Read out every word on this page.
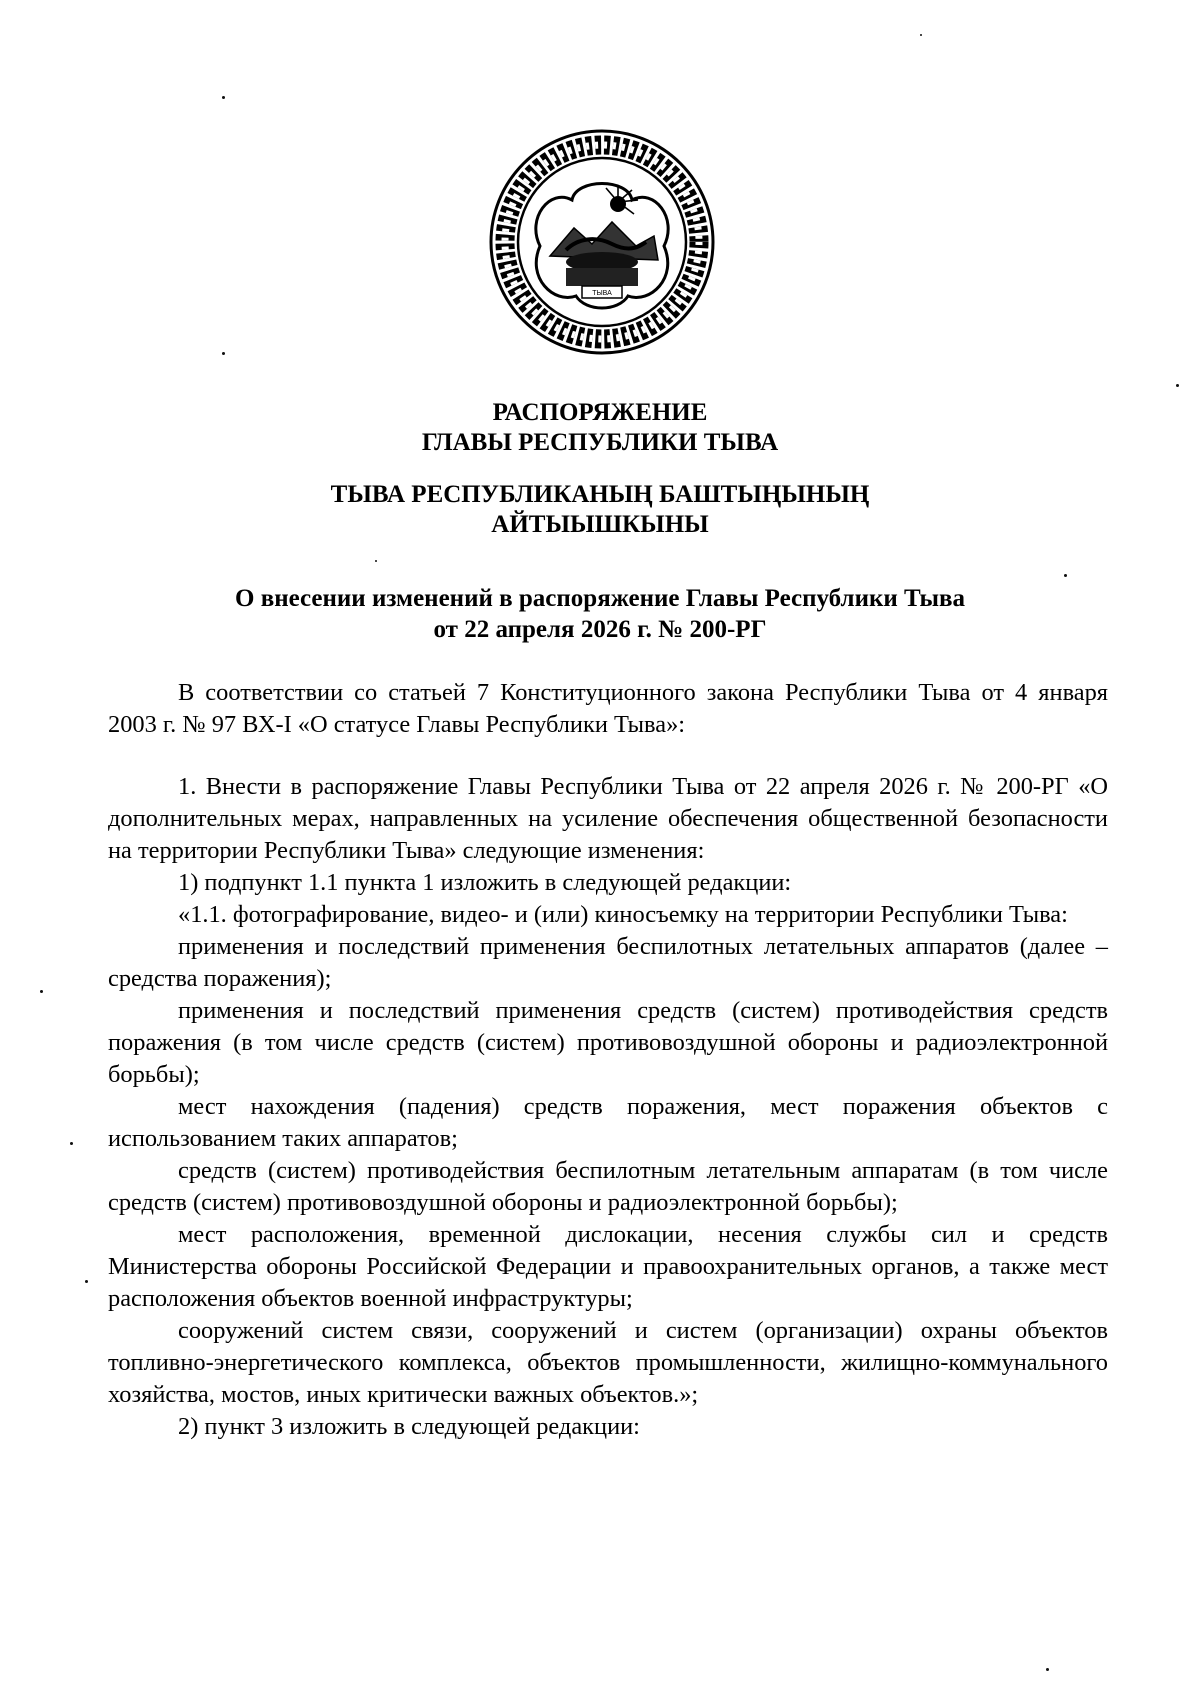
ТЫВА
РАСПОРЯЖЕНИЕ
ГЛАВЫ РЕСПУБЛИКИ ТЫВА
ТЫВА РЕСПУБЛИКАНЫҢ БАШТЫҢЫНЫҢ
АЙТЫЫШКЫНЫ
О внесении изменений в распоряжение Главы Республики Тыва
от 22 апреля 2026 г. № 200-РГ

В соответствии со статьей 7 Конституционного закона Республики Тыва от 4 января 2003 г. № 97 ВХ-I «О статусе Главы Республики Тыва»:

1. Внести в распоряжение Главы Республики Тыва от 22 апреля 2026 г. № 200-РГ «О дополнительных мерах, направленных на усиление обеспечения общественной безопасности на территории Республики Тыва» следующие изменения:

1) подпункт 1.1 пункта 1 изложить в следующей редакции:

«1.1. фотографирование, видео- и (или) киносъемку на территории Республики Тыва:

применения и последствий применения беспилотных летательных аппаратов (далее – средства поражения);

применения и последствий применения средств (систем) противодействия средств поражения (в том числе средств (систем) противовоздушной обороны и радиоэлектронной борьбы);

мест нахождения (падения) средств поражения, мест поражения объектов с использованием таких аппаратов;

средств (систем) противодействия беспилотным летательным аппаратам (в том числе средств (систем) противовоздушной обороны и радиоэлектронной борьбы);

мест расположения, временной дислокации, несения службы сил и средств Министерства обороны Российской Федерации и правоохранительных органов, а также мест расположения объектов военной инфраструктуры;

сооружений систем связи, сооружений и систем (организации) охраны объектов топливно-энергетического комплекса, объектов промышленности, жилищно-коммунального хозяйства, мостов, иных критически важных объектов.»;

2) пункт 3 изложить в следующей редакции:
